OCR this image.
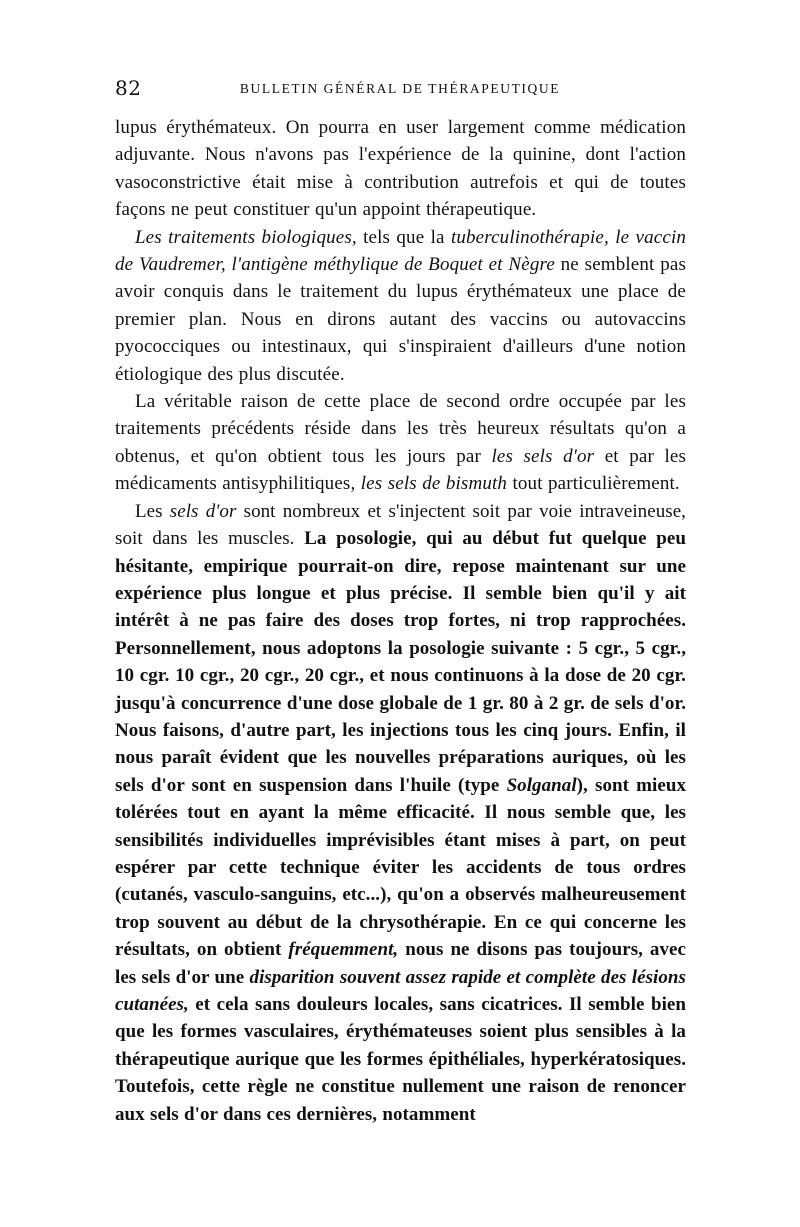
82	BULLETIN GÉNÉRAL DE THÉRAPEUTIQUE

lupus érythémateux. On pourra en user largement comme médication adjuvante. Nous n'avons pas l'expérience de la quinine, dont l'action vasoconstrictive était mise à contribution autrefois et qui de toutes façons ne peut constituer qu'un appoint thérapeutique.

Les traitements biologiques, tels que la tuberculinothérapie, le vaccin de Vaudremer, l'antigène méthylique de Boquet et Nègre ne semblent pas avoir conquis dans le traitement du lupus érythémateux une place de premier plan. Nous en dirons autant des vaccins ou autovaccins pyococciques ou intestinaux, qui s'inspiraient d'ailleurs d'une notion étiologique des plus discutée.

La véritable raison de cette place de second ordre occupée par les traitements précédents réside dans les très heureux résultats qu'on a obtenus, et qu'on obtient tous les jours par les sels d'or et par les médicaments antisyphilitiques, les sels de bismuth tout particulièrement.

Les sels d'or sont nombreux et s'injectent soit par voie intraveineuse, soit dans les muscles. La posologie, qui au début fut quelque peu hésitante, empirique pourrait-on dire, repose maintenant sur une expérience plus longue et plus précise. Il semble bien qu'il y ait intérêt à ne pas faire des doses trop fortes, ni trop rapprochées. Personnellement, nous adoptons la posologie suivante : 5 cgr., 5 cgr., 10 cgr. 10 cgr., 20 cgr., 20 cgr., et nous continuons à la dose de 20 cgr. jusqu'à concurrence d'une dose globale de 1 gr. 80 à 2 gr. de sels d'or. Nous faisons, d'autre part, les injections tous les cinq jours. Enfin, il nous paraît évident que les nouvelles préparations auriques, où les sels d'or sont en suspension dans l'huile (type Solganal), sont mieux tolérées tout en ayant la même efficacité. Il nous semble que, les sensibilités individuelles imprévisibles étant mises à part, on peut espérer par cette technique éviter les accidents de tous ordres (cutanés, vasculo-sanguins, etc...), qu'on a observés malheureusement trop souvent au début de la chrysothérapie. En ce qui concerne les résultats, on obtient fréquemment, nous ne disons pas toujours, avec les sels d'or une disparition souvent assez rapide et complète des lésions cutanées, et cela sans douleurs locales, sans cicatrices. Il semble bien que les formes vasculaires, érythémateuses soient plus sensibles à la thérapeutique aurique que les formes épithéliales, hyperkératosiques. Toutefois, cette règle ne constitue nullement une raison de renoncer aux sels d'or dans ces dernières, notamment
